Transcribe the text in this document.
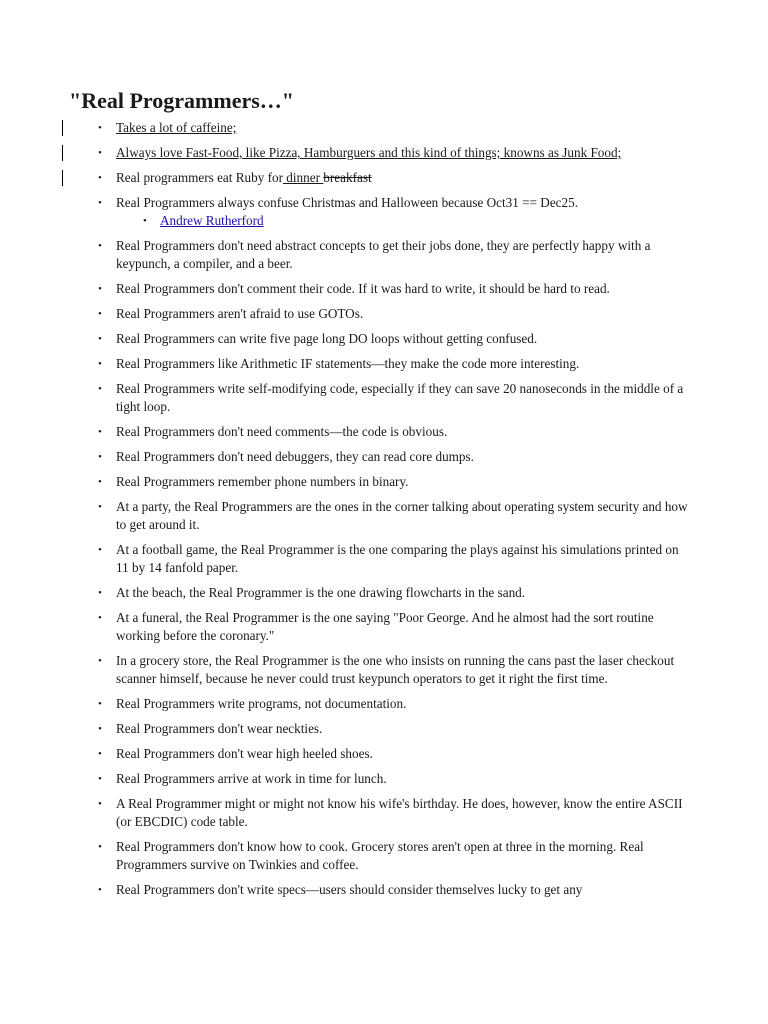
"Real Programmers…"
• Takes a lot of caffeine;
• Always love Fast-Food, like Pizza, Hamburguers and this kind of things; knowns as Junk Food;
• Real programmers eat Ruby for dinner breakfast
• Real Programmers always confuse Christmas and Halloween because Oct31 == Dec25.
• Andrew Rutherford
• Real Programmers don't need abstract concepts to get their jobs done, they are perfectly happy with a keypunch, a compiler, and a beer.
• Real Programmers don't comment their code. If it was hard to write, it should be hard to read.
• Real Programmers aren't afraid to use GOTOs.
• Real Programmers can write five page long DO loops without getting confused.
• Real Programmers like Arithmetic IF statements—they make the code more interesting.
• Real Programmers write self-modifying code, especially if they can save 20 nanoseconds in the middle of a tight loop.
• Real Programmers don't need comments—the code is obvious.
• Real Programmers don't need debuggers, they can read core dumps.
• Real Programmers remember phone numbers in binary.
• At a party, the Real Programmers are the ones in the corner talking about operating system security and how to get around it.
• At a football game, the Real Programmer is the one comparing the plays against his simulations printed on 11 by 14 fanfold paper.
• At the beach, the Real Programmer is the one drawing flowcharts in the sand.
• At a funeral, the Real Programmer is the one saying "Poor George. And he almost had the sort routine working before the coronary."
• In a grocery store, the Real Programmer is the one who insists on running the cans past the laser checkout scanner himself, because he never could trust keypunch operators to get it right the first time.
• Real Programmers write programs, not documentation.
• Real Programmers don't wear neckties.
• Real Programmers don't wear high heeled shoes.
• Real Programmers arrive at work in time for lunch.
• A Real Programmer might or might not know his wife's birthday. He does, however, know the entire ASCII (or EBCDIC) code table.
• Real Programmers don't know how to cook. Grocery stores aren't open at three in the morning. Real Programmers survive on Twinkies and coffee.
• Real Programmers don't write specs—users should consider themselves lucky to get any
